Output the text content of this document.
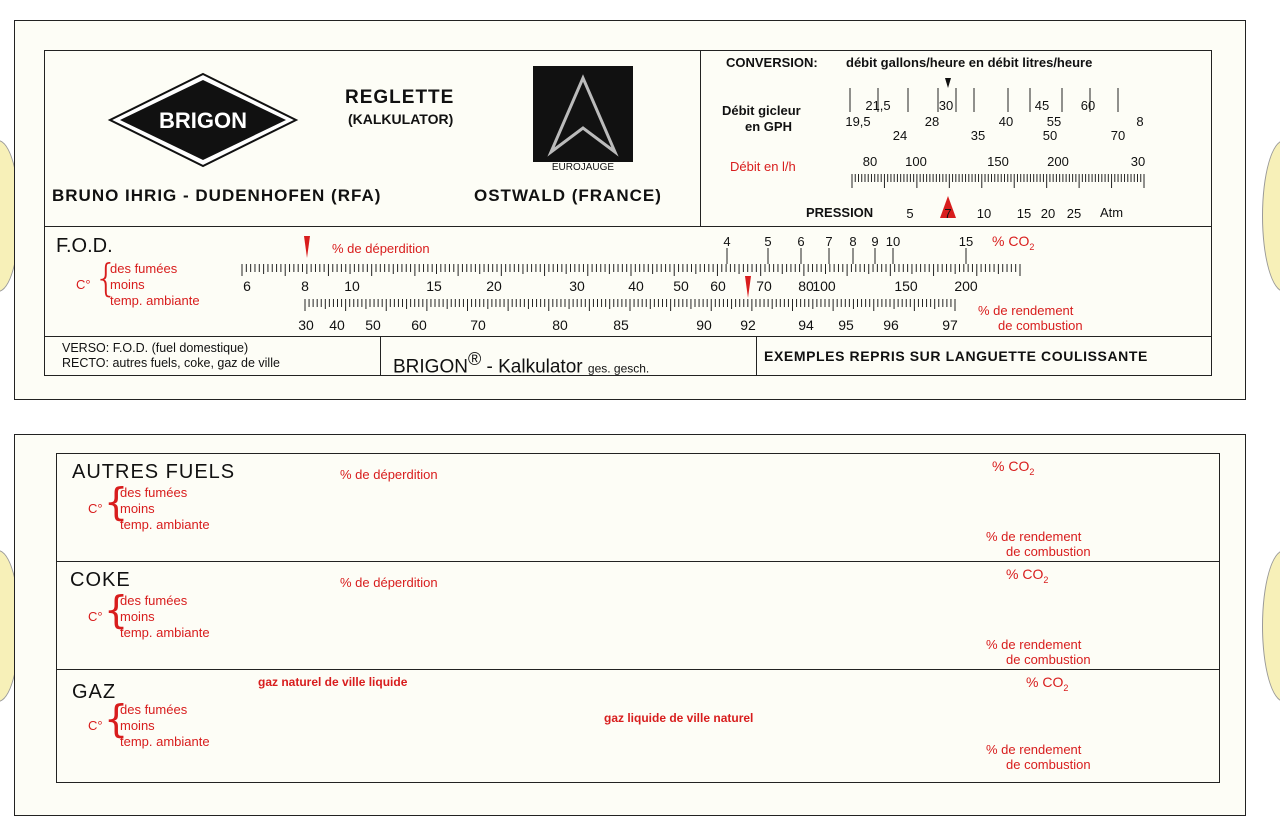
BRIGON
REGLETTE
(KALKULATOR)
EUROJAUGE
BRUNO IHRIG - DUDENHOFEN (RFA)	OSTWALD (FRANCE)
CONVERSION: débit gallons/heure en débit litres/heure
Débit gicleur
en GPH
Débit en l/h
21,5	30	45 60
19,5	28	40	55	8
24	35	50	70
80 100	150	200	30
5 7 10 15 20 25
PRESSION	Atm
F.O.D.	% de déperdition	% $CO_2$
C° {
des fumées
moins
temp. ambiante
% de rendement
de combustion
4	5 6 7 8 9 10	15
6	8	10	15	20	30	40 50 60 70 80
100	150	200
30 40 50 60	70	80	85	90 92	94 95 96	97
VERSO: F.O.D. (fuel domestique)
RECTO: autres fuels, coke, gaz de ville	BRIGON® - Kalkulator ges. gesch.
EXEMPLES REPRIS SUR LANGUETTE COULISSANTE
AUTRES FUELS	% de déperdition
% $CO_2$
C° {
des fumées
moins
temp. ambiante
% de rendement
de combustion
COKE	% de déperdition
% $CO_2$
C° {
des fumées
moins
temp. ambiante
% de rendement
de combustion
GAZ	gaz naturel de ville liquide
gaz liquide de ville naturel
% $CO_2$
C° {
des fumées
moins
temp. ambiante
% de rendement
de combustion
